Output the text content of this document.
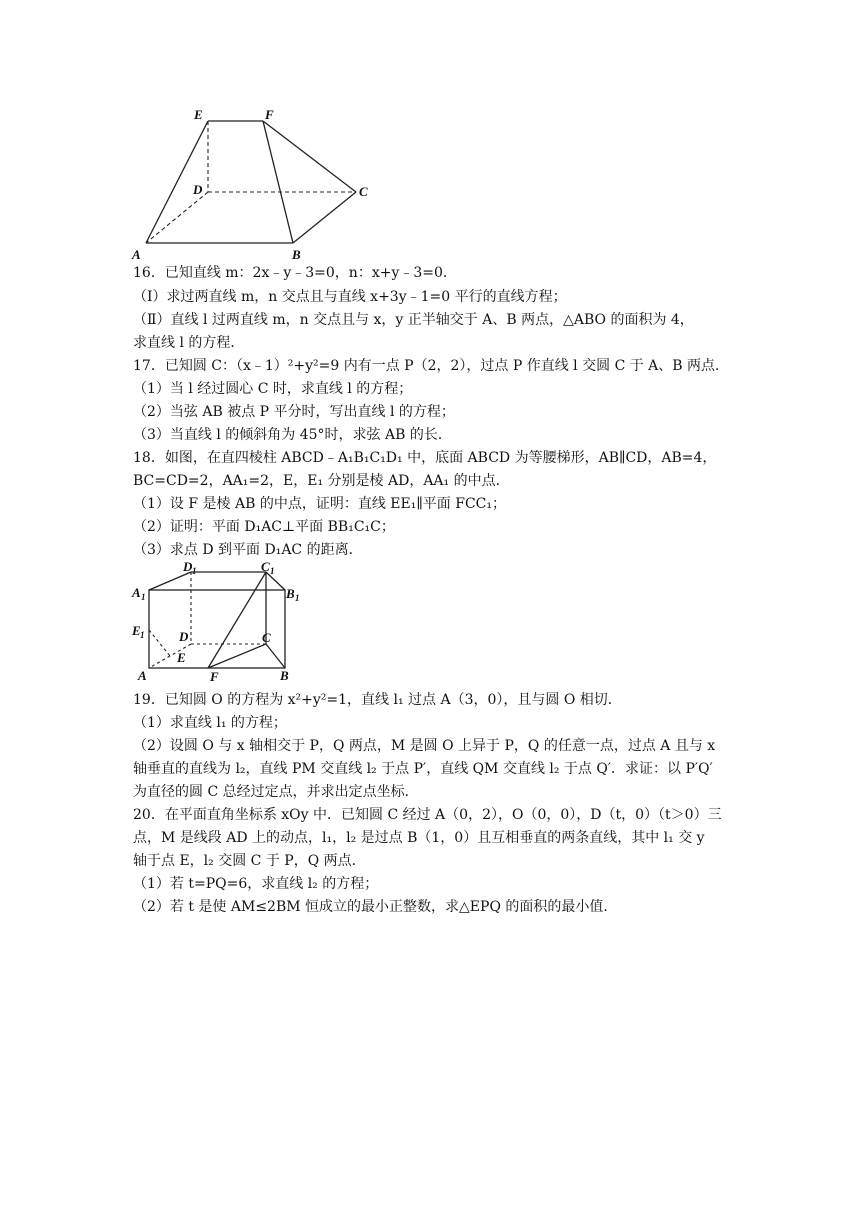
E	F
D	C
A	B
A 1
D 1	C 1
B 1
E 1	D	C
E
A	F	B
16．已知直线 m：2x﹣y﹣3=0，n：x+y﹣3=0．
（Ⅰ）求过两直线 m，n 交点且与直线 x+3y﹣1=0 平行的直线方程；
（Ⅱ）直线 l 过两直线 m，n 交点且与 x，y 正半轴交于 A、B 两点，△ABO 的面积为 4，
求直线 l 的方程．
17．已知圆 C：（x﹣1）²+y²=9 内有一点 P（2，2），过点 P 作直线 l 交圆 C 于 A、B 两点．
（1）当 l 经过圆心 C 时，求直线 l 的方程；
（2）当弦 AB 被点 P 平分时，写出直线 l 的方程；
（3）当直线 l 的倾斜角为 45°时，求弦 AB 的长．
18．如图，在直四棱柱 ABCD﹣A₁B₁C₁D₁ 中，底面 ABCD 为等腰梯形，AB∥CD，AB=4，
BC=CD=2，AA₁=2，E，E₁ 分别是棱 AD，AA₁ 的中点．
（1）设 F 是棱 AB 的中点，证明：直线 EE₁∥平面 FCC₁；
（2）证明：平面 D₁AC⊥平面 BB₁C₁C；
（3）求点 D 到平面 D₁AC 的距离．
19．已知圆 O 的方程为 x²+y²=1，直线 l₁ 过点 A（3，0），且与圆 O 相切．
（1）求直线 l₁ 的方程；
（2）设圆 O 与 x 轴相交于 P，Q 两点，M 是圆 O 上异于 P，Q 的任意一点，过点 A 且与 x
轴垂直的直线为 l₂，直线 PM 交直线 l₂ 于点 P′，直线 QM 交直线 l₂ 于点 Q′．求证：以 P′Q′
为直径的圆 C 总经过定点，并求出定点坐标．
20．在平面直角坐标系 xOy 中．已知圆 C 经过 A（0，2），O（0，0），D（t，0）（t＞0）三
点，M 是线段 AD 上的动点，l₁，l₂ 是过点 B（1，0）且互相垂直的两条直线，其中 l₁ 交 y
轴于点 E，l₂ 交圆 C 于 P，Q 两点．
（1）若 t=PQ=6，求直线 l₂ 的方程；
（2）若 t 是使 AM≤2BM 恒成立的最小正整数，求△EPQ 的面积的最小值．
